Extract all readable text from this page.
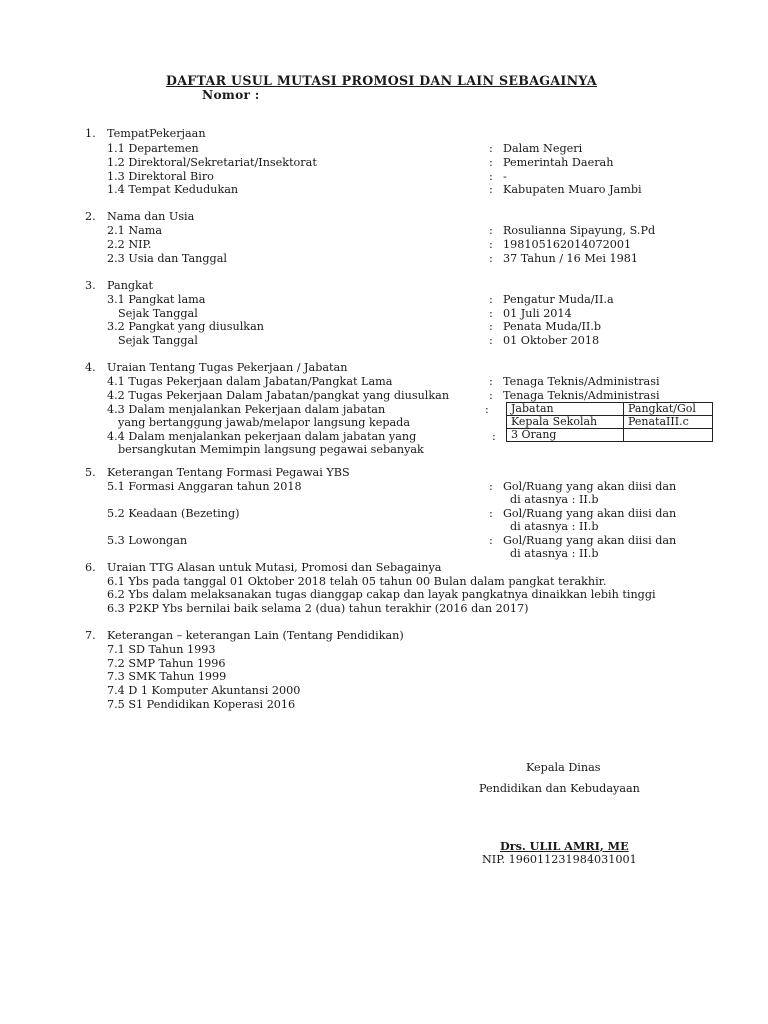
DAFTAR USUL MUTASI PROMOSI DAN LAIN SEBAGAINYA
Nomor :
1. TempatPekerjaan
1.1 Departemen	: Dalam Negeri
1.2 Direktoral/Sekretariat/Insektorat	: Pemerintah Daerah
1.3 Direktoral Biro	: -
1.4 Tempat Kedudukan	: Kabupaten Muaro Jambi
2. Nama dan Usia
2.1 Nama	: Rosulianna Sipayung, S.Pd
2.2 NIP.	: 198105162014072001
2.3 Usia dan Tanggal	: 37 Tahun / 16 Mei 1981
3. Pangkat
3.1 Pangkat lama	: Pengatur Muda/II.a
Sejak Tanggal	: 01 Juli 2014
3.2 Pangkat yang diusulkan	: Penata Muda/II.b
Sejak Tanggal	: 01 Oktober 2018
4. Uraian Tentang Tugas Pekerjaan / Jabatan
4.1 Tugas Pekerjaan dalam Jabatan/Pangkat Lama	: Tenaga Teknis/Administrasi
4.2 Tugas Pekerjaan Dalam Jabatan/pangkat yang diusulkan	: Tenaga Teknis/Administrasi
4.3 Dalam menjalankan Pekerjaan dalam jabatan	:
yang bertanggung jawab/melapor langsung kepada
4.4 Dalam menjalankan pekerjaan dalam jabatan yang	:
bersangkutan Memimpin langsung pegawai sebanyak
Jabatan	Pangkat/Gol
Kepala Sekolah	PenataIII.c
3 Orang	
5. Keterangan Tentang Formasi Pegawai YBS
5.1 Formasi Anggaran tahun 2018	: Gol/Ruang yang akan diisi dan
di atasnya : II.b
5.2 Keadaan (Bezeting)	: Gol/Ruang yang akan diisi dan
di atasnya : II.b
5.3 Lowongan	: Gol/Ruang yang akan diisi dan
di atasnya : II.b
6. Uraian TTG Alasan untuk Mutasi, Promosi dan Sebagainya
6.1 Ybs pada tanggal 01 Oktober 2018 telah 05 tahun 00 Bulan dalam pangkat terakhir.
6.2 Ybs dalam melaksanakan tugas dianggap cakap dan layak pangkatnya dinaikkan lebih tinggi
6.3 P2KP Ybs bernilai baik selama 2 (dua) tahun terakhir (2016 dan 2017)
7. Keterangan – keterangan Lain (Tentang Pendidikan)
7.1 SD Tahun 1993
7.2 SMP Tahun 1996
7.3 SMK Tahun 1999
7.4 D 1 Komputer Akuntansi 2000
7.5 S1 Pendidikan Koperasi 2016
Kepala Dinas
Pendidikan dan Kebudayaan
Drs. ULIL AMRI, ME
NIP. 196011231984031001
